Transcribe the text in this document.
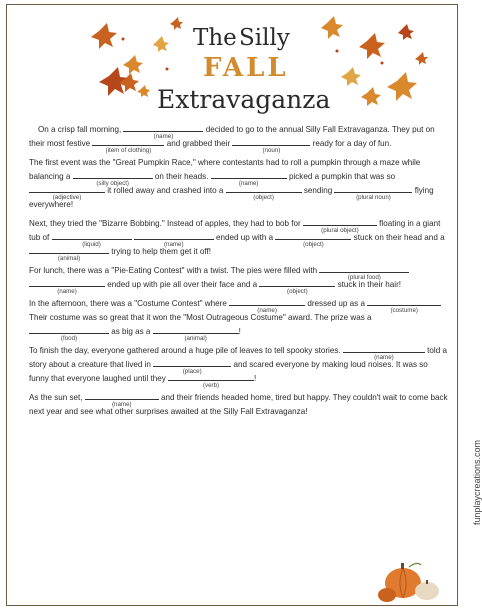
The Silly
FALL
Extravaganza

On a crisp fall morning,
(name)
decided to go to the annual Silly Fall Extravaganza. They put on their most festive
(item of clothing)
and grabbed their
(noun)
ready for a day of fun.

The first event was the "Great Pumpkin Race," where contestants had to roll a pumpkin through a maze while balancing a
(silly object)
on their heads.
(name)
picked a pumpkin that was so
(adjective)
it rolled away and crashed into a
(object)
sending
(plural noun)
flying everywhere!

Next, they tried the "Bizarre Bobbing." Instead of apples, they had to bob for
(plural object)
floating in a giant tub of
(liquid)
	(name)
ended up with a
(object)
stuck on their head and a
(animal)
trying to help them get it off!

For lunch, there was a "Pie-Eating Contest" with a twist. The pies were filled with
(plural food)

(name)
ended up with pie all over their face and a
(object)
stuck in their hair!

In the afternoon, there was a "Costume Contest" where
(name)
dressed up as a
(costume)
Their costume was so great that it won the "Most Outrageous Costume" award. The prize was a
(food)
as big as a
(animal)
!

To finish the day, everyone gathered around a huge pile of leaves to tell spooky stories.
(name)
told a story about a creature that lived in
(place)
and scared everyone by making loud noises. It was so funny that everyone laughed until they
(verb)
!

As the sun set,
(name)
and their friends headed home, tired but happy. They couldn't wait to come back next year and see what other surprises awaited at the Silly Fall Extravaganza!

funplaycreations.com
